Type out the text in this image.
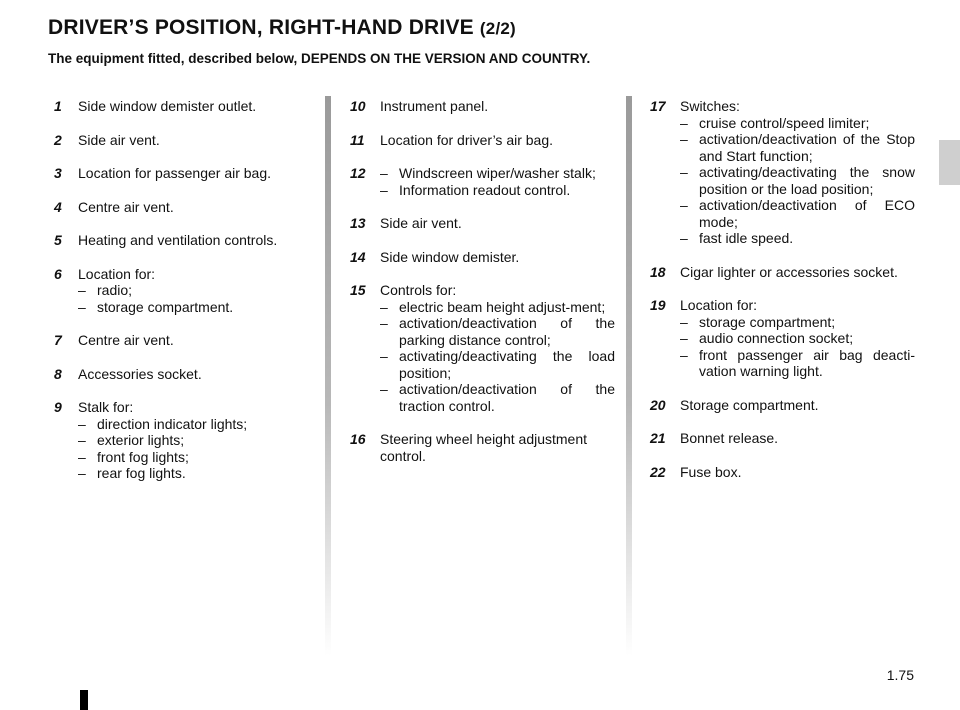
DRIVER’S POSITION, RIGHT-HAND DRIVE (2/2)
The equipment fitted, described below, DEPENDS ON THE VERSION AND COUNTRY.
1	Side window demister outlet.
2	Side air vent.
3	Location for passenger air bag.
4	Centre air vent.
5	Heating and ventilation controls.
6	Location for:
– radio;
– storage compartment.
7	Centre air vent.
8	Accessories socket.
9	Stalk for:
– direction indicator lights;
– exterior lights;
– front fog lights;
– rear fog lights.
10	Instrument panel.
11	Location for driver’s air bag.
12	– Windscreen wiper/washer stalk;
– Information readout control.
13	Side air vent.
14	Side window demister.
15	Controls for:
– electric beam height adjust-ment;
– activation/deactivation of the parking distance control;
– activating/deactivating the load position;
– activation/deactivation of the traction control.
16	Steering wheel height adjustment control.
17	Switches:
– cruise control/speed limiter;
– activation/deactivation of the Stop and Start function;
– activating/deactivating the snow position or the load position;
– activation/deactivation of ECO mode;
– fast idle speed.
18	Cigar lighter or accessories socket.
19	Location for:
– storage compartment;
– audio connection socket;
– front passenger air bag deacti-vation warning light.
20	Storage compartment.
21	Bonnet release.
22	Fuse box.
1.75
